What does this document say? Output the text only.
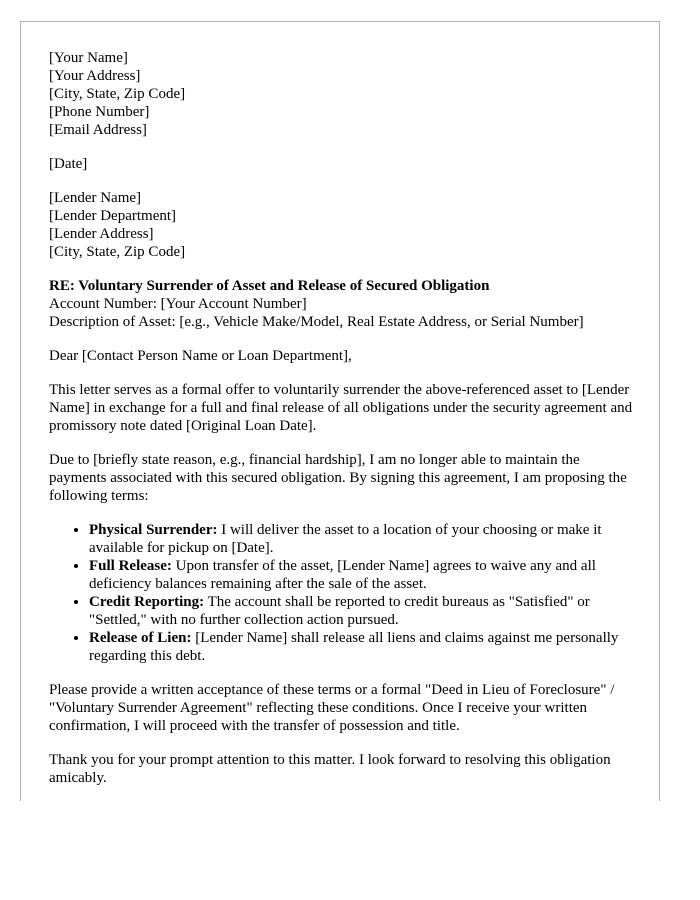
[Your Name]
[Your Address]
[City, State, Zip Code]
[Phone Number]
[Email Address]
[Date]
[Lender Name]
[Lender Department]
[Lender Address]
[City, State, Zip Code]
RE: Voluntary Surrender of Asset and Release of Secured Obligation
Account Number: [Your Account Number]
Description of Asset: [e.g., Vehicle Make/Model, Real Estate Address, or Serial Number]

Dear [Contact Person Name or Loan Department],

This letter serves as a formal offer to voluntarily surrender the above-referenced asset to [Lender Name] in exchange for a full and final release of all obligations under the security agreement and promissory note dated [Original Loan Date].

Due to [briefly state reason, e.g., financial hardship], I am no longer able to maintain the payments associated with this secured obligation. By signing this agreement, I am proposing the following terms:

• Physical Surrender: I will deliver the asset to a location of your choosing or make it available for pickup on [Date].
• Full Release: Upon transfer of the asset, [Lender Name] agrees to waive any and all deficiency balances remaining after the sale of the asset.
• Credit Reporting: The account shall be reported to credit bureaus as "Satisfied" or "Settled," with no further collection action pursued.
• Release of Lien: [Lender Name] shall release all liens and claims against me personally regarding this debt.

Please provide a written acceptance of these terms or a formal "Deed in Lieu of Foreclosure" / "Voluntary Surrender Agreement" reflecting these conditions. Once I receive your written confirmation, I will proceed with the transfer of possession and title.

Thank you for your prompt attention to this matter. I look forward to resolving this obligation amicably.
